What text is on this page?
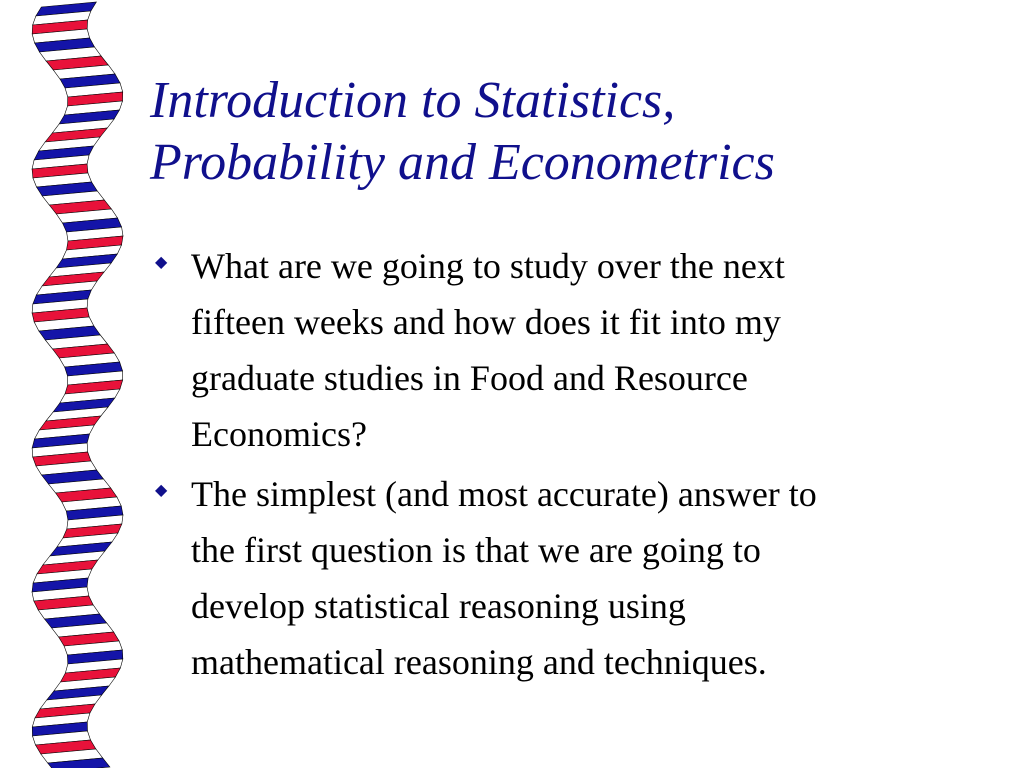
Introduction to Statistics,
Probability and Econometrics
◆ What are we going to study over the next
fifteen weeks and how does it fit into my
graduate studies in Food and Resource
Economics?
◆ The simplest (and most accurate) answer to
the first question is that we are going to
develop statistical reasoning using
mathematical reasoning and techniques.
